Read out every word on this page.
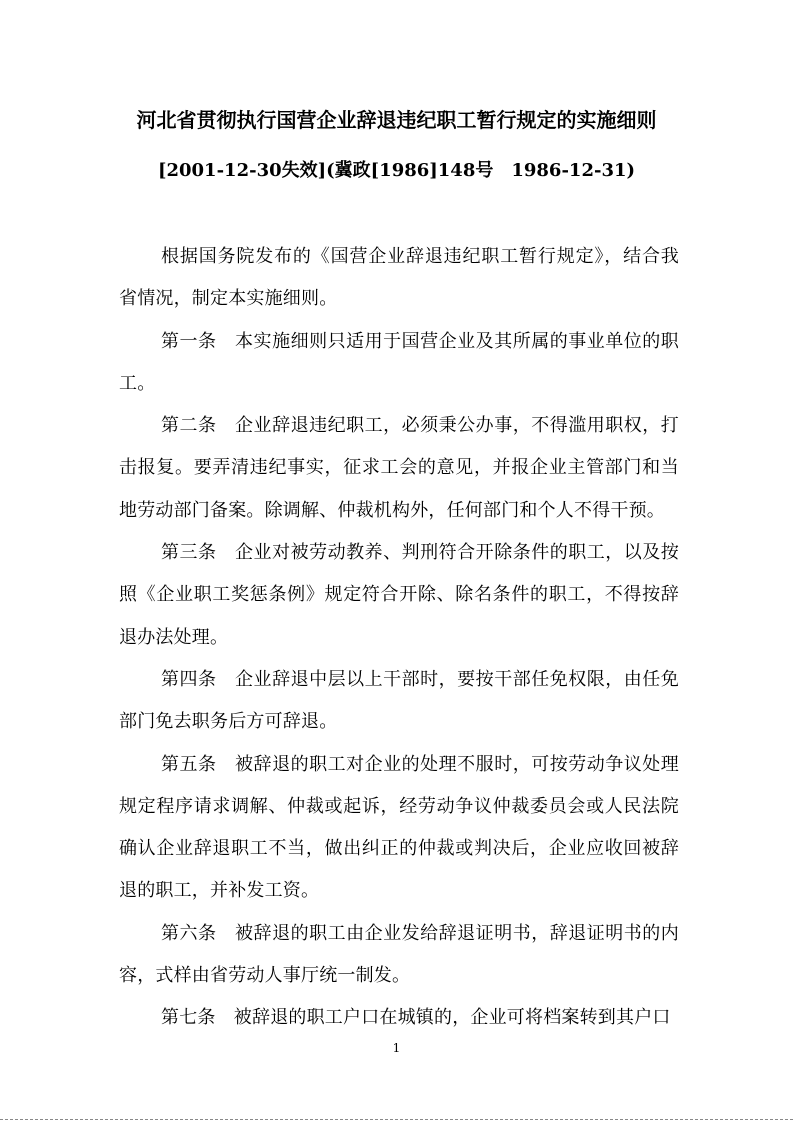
河北省贯彻执行国营企业辞退违纪职工暂行规定的实施细则
[2001-12-30失效](冀政[1986]148号　1986-12-31)

根据国务院发布的《国营企业辞退违纪职工暂行规定》，结合我省情况，制定本实施细则。

第一条　本实施细则只适用于国营企业及其所属的事业单位的职工。

第二条　企业辞退违纪职工，必须秉公办事，不得滥用职权，打击报复。要弄清违纪事实，征求工会的意见，并报企业主管部门和当地劳动部门备案。除调解、仲裁机构外，任何部门和个人不得干预。

第三条　企业对被劳动教养、判刑符合开除条件的职工，以及按照《企业职工奖惩条例》规定符合开除、除名条件的职工，不得按辞退办法处理。

第四条　企业辞退中层以上干部时，要按干部任免权限，由任免部门免去职务后方可辞退。

第五条　被辞退的职工对企业的处理不服时，可按劳动争议处理规定程序请求调解、仲裁或起诉，经劳动争议仲裁委员会或人民法院确认企业辞退职工不当，做出纠正的仲裁或判决后，企业应收回被辞退的职工，并补发工资。

第六条　被辞退的职工由企业发给辞退证明书，辞退证明书的内容，式样由省劳动人事厅统一制发。

第七条　被辞退的职工户口在城镇的，企业可将档案转到其户口

1
